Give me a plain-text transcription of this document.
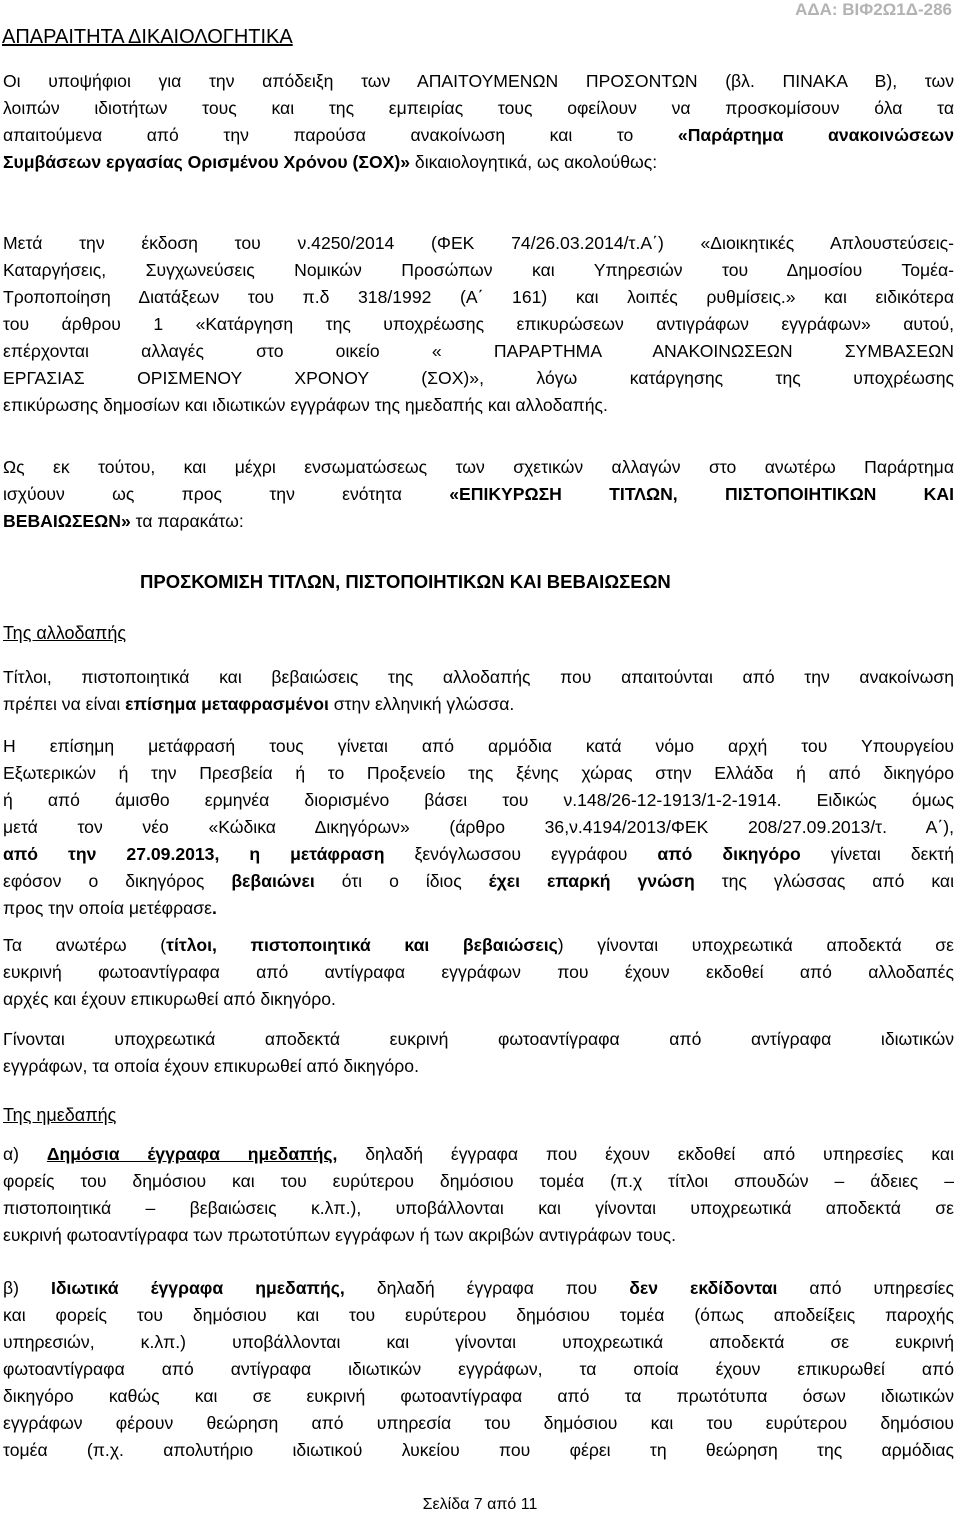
ΑΠΑΡΑΙΤΗΤΑ ΔΙΚΑΙΟΛΟΓΗΤΙΚΑ
ΑΔΑ: ΒΙΦ2Ω1Δ-286
Οι υποψήφιοι για την απόδειξη των ΑΠΑΙΤΟΥΜΕΝΩΝ ΠΡΟΣΟΝΤΩΝ (βλ. ΠΙΝΑΚΑ Β), των
λοιπών ιδιοτήτων τους και της εμπειρίας τους οφείλουν να προσκομίσουν όλα τα
απαιτούμενα από την παρούσα ανακοίνωση και το «Παράρτημα ανακοινώσεων
Συμβάσεων εργασίας Ορισμένου Χρόνου (ΣΟΧ)» δικαιολογητικά, ως ακολούθως:
Μετά την έκδοση του ν.4250/2014 (ΦΕΚ 74/26.03.2014/τ.Α΄) «Διοικητικές Απλουστεύσεις-
Καταργήσεις, Συγχωνεύσεις Νομικών Προσώπων και Υπηρεσιών του Δημοσίου Τομέα-
Τροποποίηση Διατάξεων του π.δ 318/1992 (Α΄ 161) και λοιπές ρυθμίσεις.» και ειδικότερα
του άρθρου 1 «Κατάργηση της υποχρέωσης επικυρώσεων αντιγράφων εγγράφων» αυτού,
επέρχονται αλλαγές στο οικείο « ΠΑΡΑΡΤΗΜΑ ΑΝΑΚΟΙΝΩΣΕΩΝ ΣΥΜΒΑΣΕΩΝ
ΕΡΓΑΣΙΑΣ ΟΡΙΣΜΕΝΟΥ ΧΡΟΝΟΥ (ΣΟΧ)», λόγω κατάργησης της υποχρέωσης
επικύρωσης δημοσίων και ιδιωτικών εγγράφων της ημεδαπής και αλλοδαπής.
Ως εκ τούτου, και μέχρι ενσωματώσεως των σχετικών αλλαγών στο ανωτέρω Παράρτημα
ισχύουν ως προς την ενότητα «ΕΠΙΚΥΡΩΣΗ ΤΙΤΛΩΝ, ΠΙΣΤΟΠΟΙΗΤΙΚΩΝ ΚΑΙ
ΒΕΒΑΙΩΣΕΩΝ» τα παρακάτω:
ΠΡΟΣΚΟΜΙΣΗ ΤΙΤΛΩΝ, ΠΙΣΤΟΠΟΙΗΤΙΚΩΝ ΚΑΙ ΒΕΒΑΙΩΣΕΩΝ
Της αλλοδαπής
Τίτλοι, πιστοποιητικά και βεβαιώσεις της αλλοδαπής που απαιτούνται από την ανακοίνωση
πρέπει να είναι επίσημα μεταφρασμένοι στην ελληνική γλώσσα.
Η επίσημη μετάφρασή τους γίνεται από αρμόδια κατά νόμο αρχή του Υπουργείου
Εξωτερικών ή την Πρεσβεία ή το Προξενείο της ξένης χώρας στην Ελλάδα ή από δικηγόρο
ή από άμισθο ερμηνέα διορισμένο βάσει του ν.148/26-12-1913/1-2-1914. Ειδικώς όμως
μετά τον νέο «Κώδικα Δικηγόρων» (άρθρο 36,ν.4194/2013/ΦΕΚ 208/27.09.2013/τ. Α΄),
από την 27.09.2013, η μετάφραση ξενόγλωσσου εγγράφου από δικηγόρο γίνεται δεκτή
εφόσον ο δικηγόρος βεβαιώνει ότι ο ίδιος έχει επαρκή γνώση της γλώσσας από και
προς την οποία μετέφρασε.
Τα ανωτέρω (τίτλοι, πιστοποιητικά και βεβαιώσεις) γίνονται υποχρεωτικά αποδεκτά σε
ευκρινή φωτοαντίγραφα από αντίγραφα εγγράφων που έχουν εκδοθεί από αλλοδαπές
αρχές και έχουν επικυρωθεί από δικηγόρο.
Γίνονται υποχρεωτικά αποδεκτά ευκρινή φωτοαντίγραφα από αντίγραφα ιδιωτικών
εγγράφων, τα οποία έχουν επικυρωθεί από δικηγόρο.
Της ημεδαπής
α) Δημόσια έγγραφα ημεδαπής, δηλαδή έγγραφα που έχουν εκδοθεί από υπηρεσίες και
φορείς του δημόσιου και του ευρύτερου δημόσιου τομέα (π.χ τίτλοι σπουδών – άδειες –
πιστοποιητικά – βεβαιώσεις κ.λπ.), υποβάλλονται και γίνονται υποχρεωτικά αποδεκτά σε
ευκρινή φωτοαντίγραφα των πρωτοτύπων εγγράφων ή των ακριβών αντιγράφων τους.
β) Ιδιωτικά έγγραφα ημεδαπής, δηλαδή έγγραφα που δεν εκδίδονται από υπηρεσίες
και φορείς του δημόσιου και του ευρύτερου δημόσιου τομέα (όπως αποδείξεις παροχής
υπηρεσιών, κ.λπ.) υποβάλλονται και γίνονται υποχρεωτικά αποδεκτά σε ευκρινή
φωτοαντίγραφα από αντίγραφα ιδιωτικών εγγράφων, τα οποία έχουν επικυρωθεί από
δικηγόρο καθώς και σε ευκρινή φωτοαντίγραφα από τα πρωτότυπα όσων ιδιωτικών
εγγράφων φέρουν θεώρηση από υπηρεσία του δημόσιου και του ευρύτερου δημόσιου
τομέα (π.χ. απολυτήριο ιδιωτικού λυκείου που φέρει τη θεώρηση της αρμόδιας
Σελίδα 7 από 11
